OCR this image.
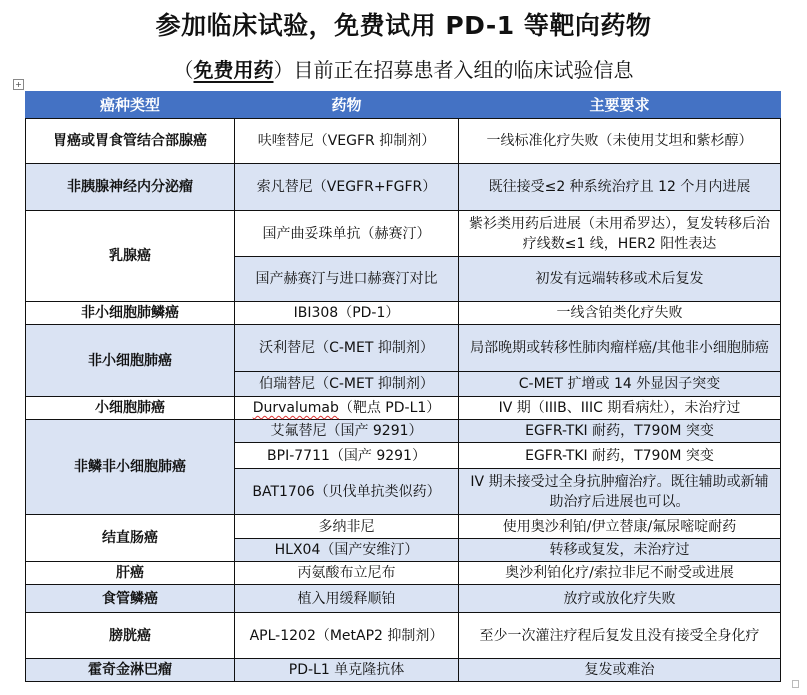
参加临床试验，免费试用 PD-1 等靶向药物
（免费用药）目前正在招募患者入组的临床试验信息
+
癌种类型	药物	主要要求
胃癌或胃食管结合部腺癌	呋喹替尼（VEGFR 抑制剂）	一线标准化疗失败（未使用艾坦和紫杉醇）
非胰腺神经内分泌瘤	索凡替尼（VEGFR+FGFR）	既往接受≤2 种系统治疗且 12 个月内进展
乳腺癌	国产曲妥珠单抗（赫赛汀）	紫衫类用药后进展（未用希罗达），复发转移后治疗线数≤1 线，HER2 阳性表达
	国产赫赛汀与进口赫赛汀对比	初发有远端转移或术后复发
非小细胞肺鳞癌	IBI308（PD-1）	一线含铂类化疗失败
非小细胞肺癌	沃利替尼（C-MET 抑制剂）	局部晚期或转移性肺肉瘤样癌/其他非小细胞肺癌
	伯瑞替尼（C-MET 抑制剂）	C-MET 扩增或 14 外显因子突变
小细胞肺癌	Durvalumab（靶点 PD-L1）	IV 期（IIIB、IIIC 期看病灶），未治疗过
非鳞非小细胞肺癌	艾氟替尼（国产 9291）	EGFR-TKI 耐药，T790M 突变
	BPI-7711（国产 9291）	EGFR-TKI 耐药，T790M 突变
	BAT1706（贝伐单抗类似药）	IV 期未接受过全身抗肿瘤治疗。既往辅助或新辅助治疗后进展也可以。
结直肠癌	多纳非尼	使用奥沙利铂/伊立替康/氟尿嘧啶耐药
	HLX04（国产安维汀）	转移或复发，未治疗过
肝癌	丙氨酸布立尼布	奥沙利铂化疗/索拉非尼不耐受或进展
食管鳞癌	植入用缓释顺铂	放疗或放化疗失败
膀胱癌	APL-1202（MetAP2 抑制剂）	至少一次灌注疗程后复发且没有接受全身化疗
霍奇金淋巴瘤	PD-L1 单克隆抗体	复发或难治
